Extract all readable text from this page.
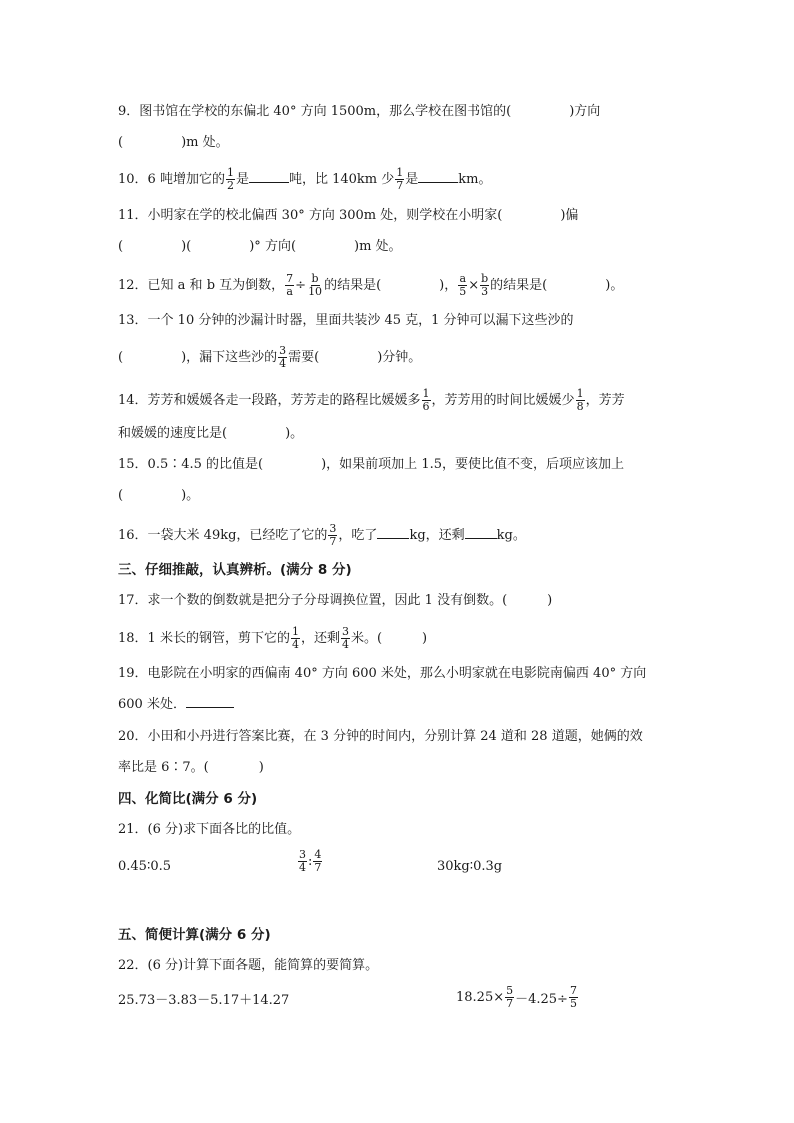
9．图书馆在学校的东偏北 40° 方向 1500m，那么学校在图书馆的(	)方向
(	)m 处。
10．6 吨增加它的 $\frac{1}{2}$ 是	吨，比 140km 少 $\frac{1}{7}$ 是	km。
11．小明家在学的校北偏西 30° 方向 300m 处，则学校在小明家(	)偏
(	)(	)° 方向(	)m 处。
12．已知 a 和 b 互为倒数， $\frac{7}{a} \div \frac{b}{10}$ 的结果是(	)， $\frac{a}{5} \times \frac{b}{3}$ 的结果是(	)。
13．一个 10 分钟的沙漏计时器，里面共装沙 45 克，1 分钟可以漏下这些沙的
(	)，漏下这些沙的 $\frac{3}{4}$ 需要(	)分钟。
14．芳芳和媛媛各走一段路，芳芳走的路程比媛媛多 $\frac{1}{6}$ ，芳芳用的时间比媛媛少 $\frac{1}{8}$ ，芳芳
和媛媛的速度比是(	)。
15．0.5∶4.5 的比值是(	)，如果前项加上 1.5，要使比值不变，后项应该加上
(	)。
16．一袋大米 49kg，已经吃了它的 $\frac{3}{7}$ ，吃了 kg，还剩 kg。
三、仔细推敲，认真辨析。(满分 8 分)
17．求一个数的倒数就是把分子分母调换位置，因此 1 没有倒数。(	)
18．1 米长的钢管，剪下它的 $\frac{1}{4}$ ，还剩 $\frac{3}{4}$ 米。(	)
19．电影院在小明家的西偏南 40° 方向 600 米处，那么小明家就在电影院南偏西 40° 方向
600 米处．
20．小田和小丹进行答案比赛，在 3 分钟的时间内，分别计算 24 道和 28 道题，她俩的效
率比是 6∶7。(	)
四、化简比(满分 6 分)
21．(6 分)求下面各比的比值。
0.45∶0.5	$\frac{3}{4}$ : $\frac{4}{7}$	30kg∶0.3g
五、简便计算(满分 6 分)
22．(6 分)计算下面各题，能简算的要简算。
25.73－3.83－5.17＋14.27	$18.25\times \frac{5}{7} -4.25\div \frac{7}{5}$
